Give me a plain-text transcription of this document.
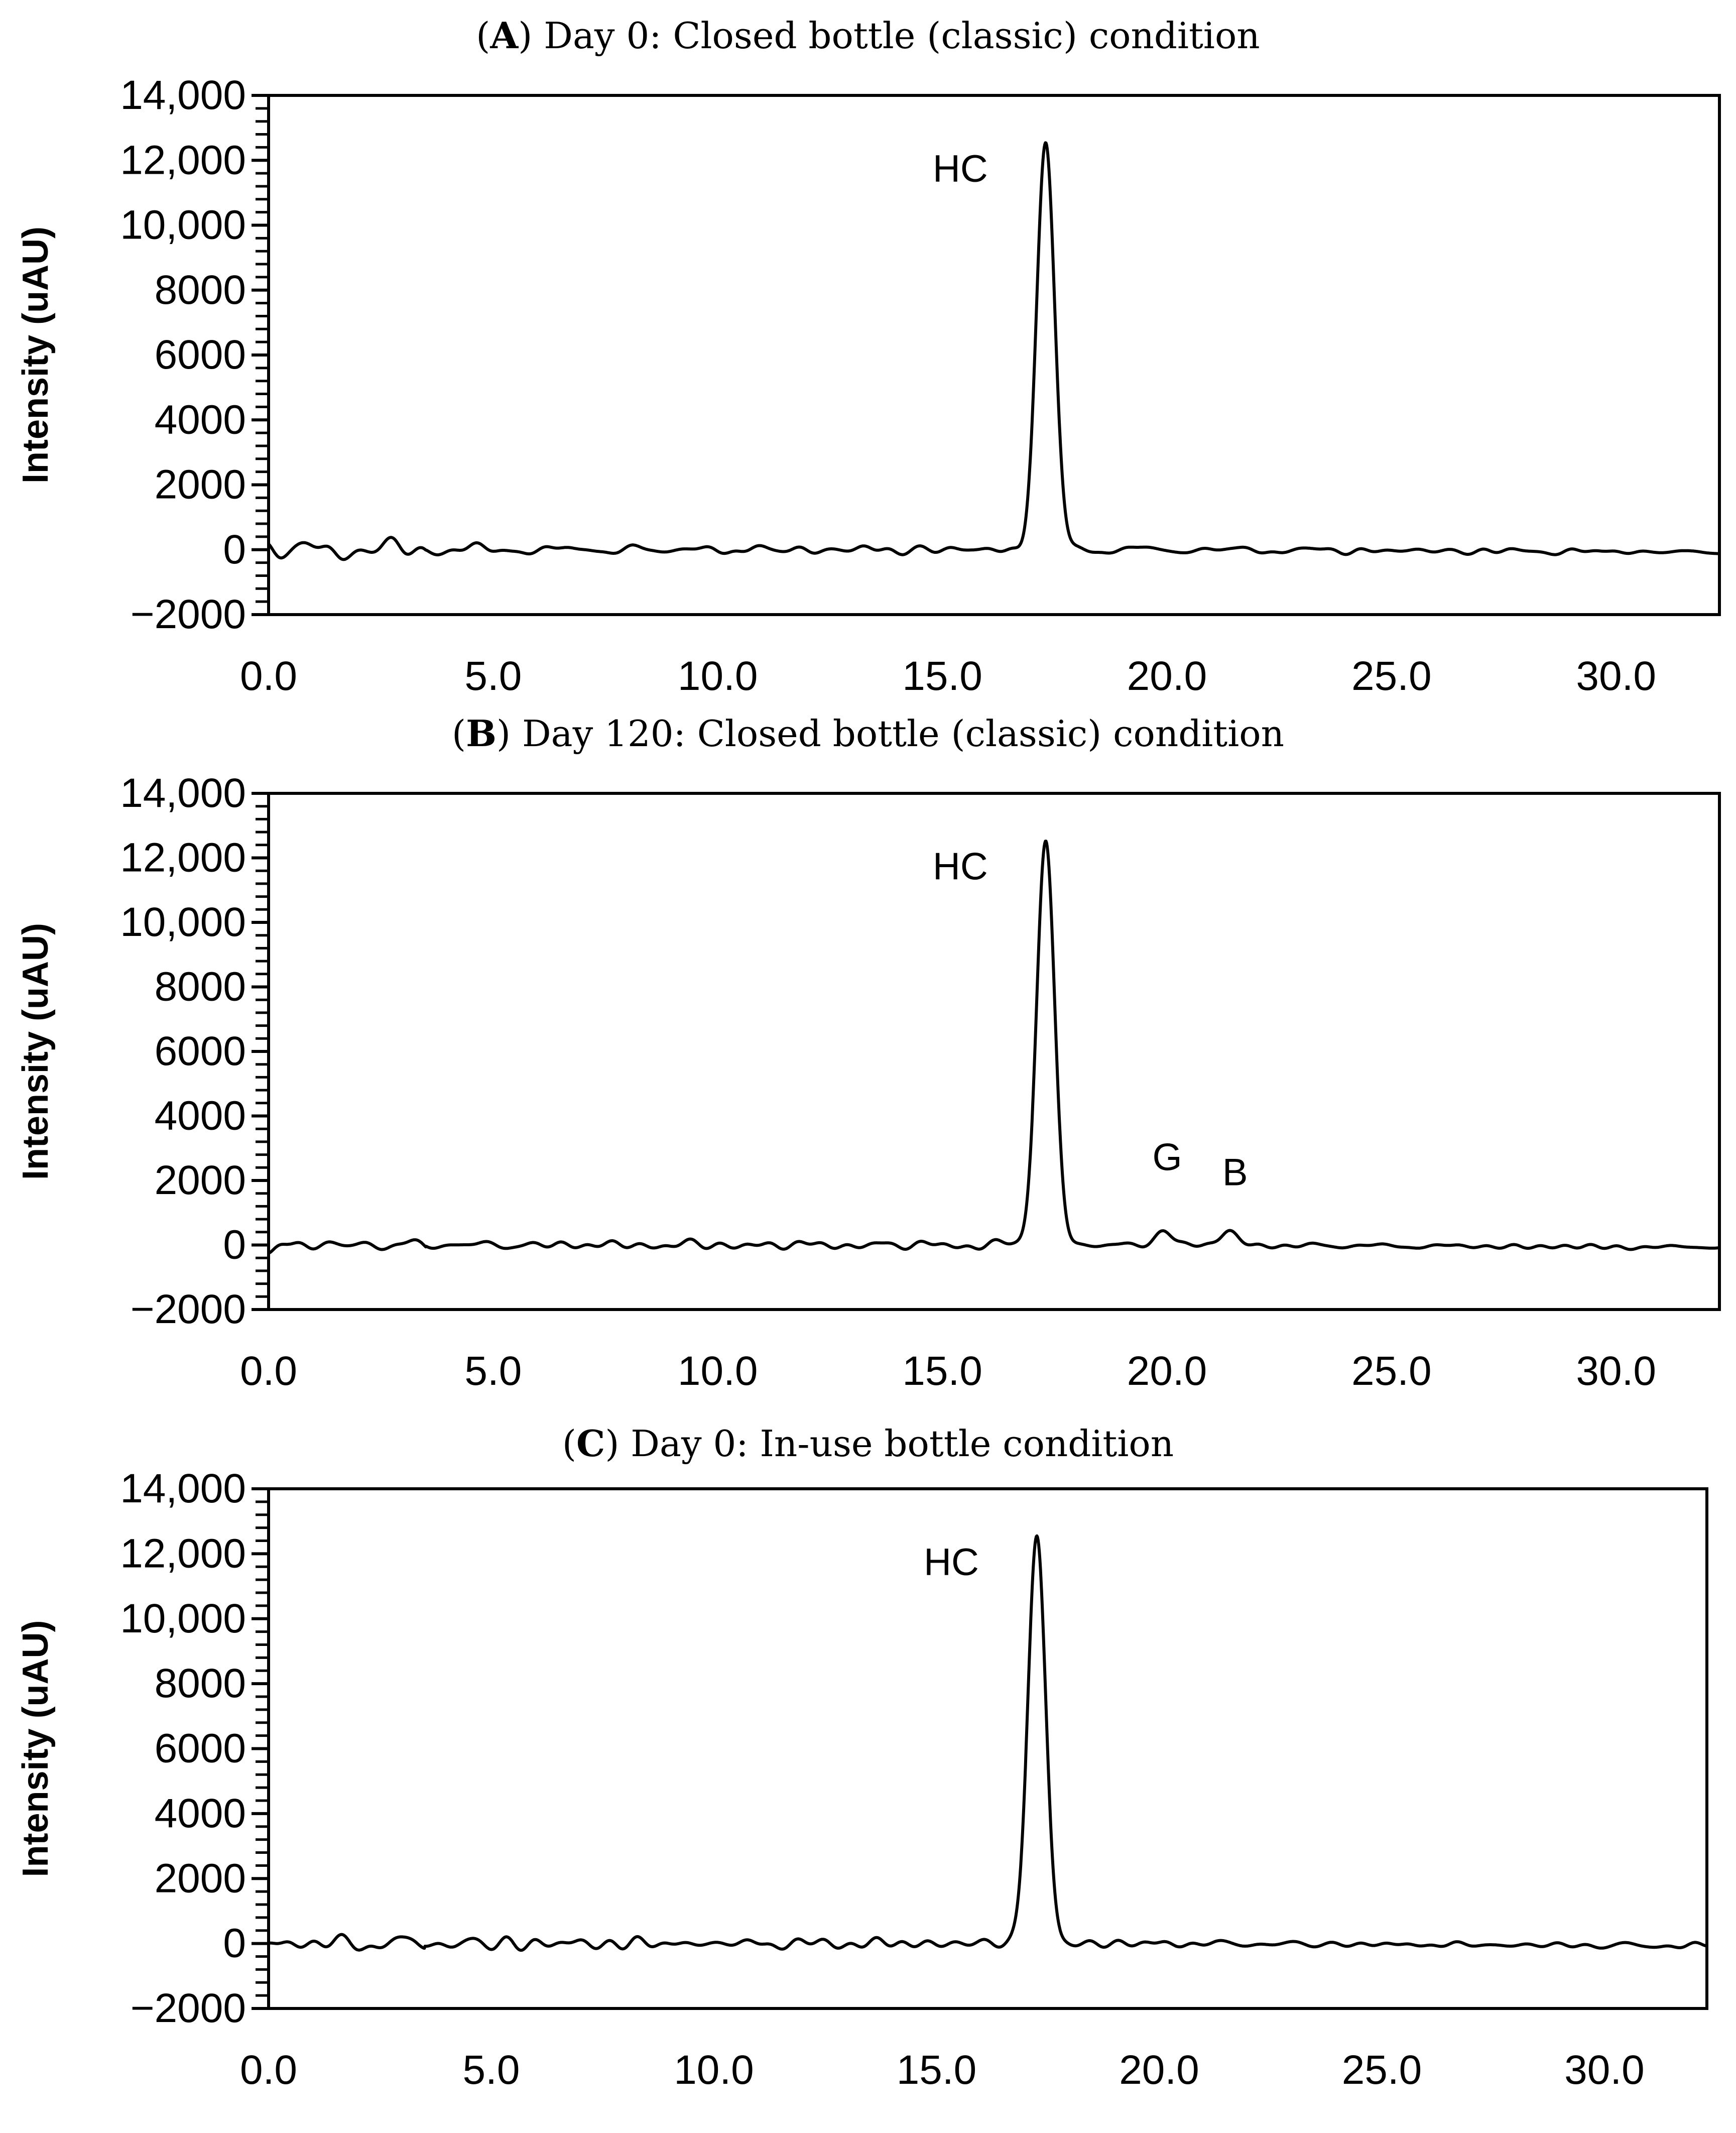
(A) Day 0: Closed bottle (classic) condition
14,000
12,000
10,000
8000
6000
4000
2000
0
−2000
0.0	5.0	10.0	15.0	20.0	25.0	30.0
Intensity (uAU)
HC
(B) Day 120: Closed bottle (classic) condition
14,000
12,000
10,000
8000
6000
4000
2000
0
−2000
0.0	5.0	10.0	15.0	20.0	25.0	30.0
Intensity (uAU)
HC
G B
(C) Day 0: In-use bottle condition
14,000
12,000
10,000
8000
6000
4000
2000
0
−2000
0.0	5.0	10.0	15.0	20.0	25.0	30.0
Intensity (uAU)
HC
